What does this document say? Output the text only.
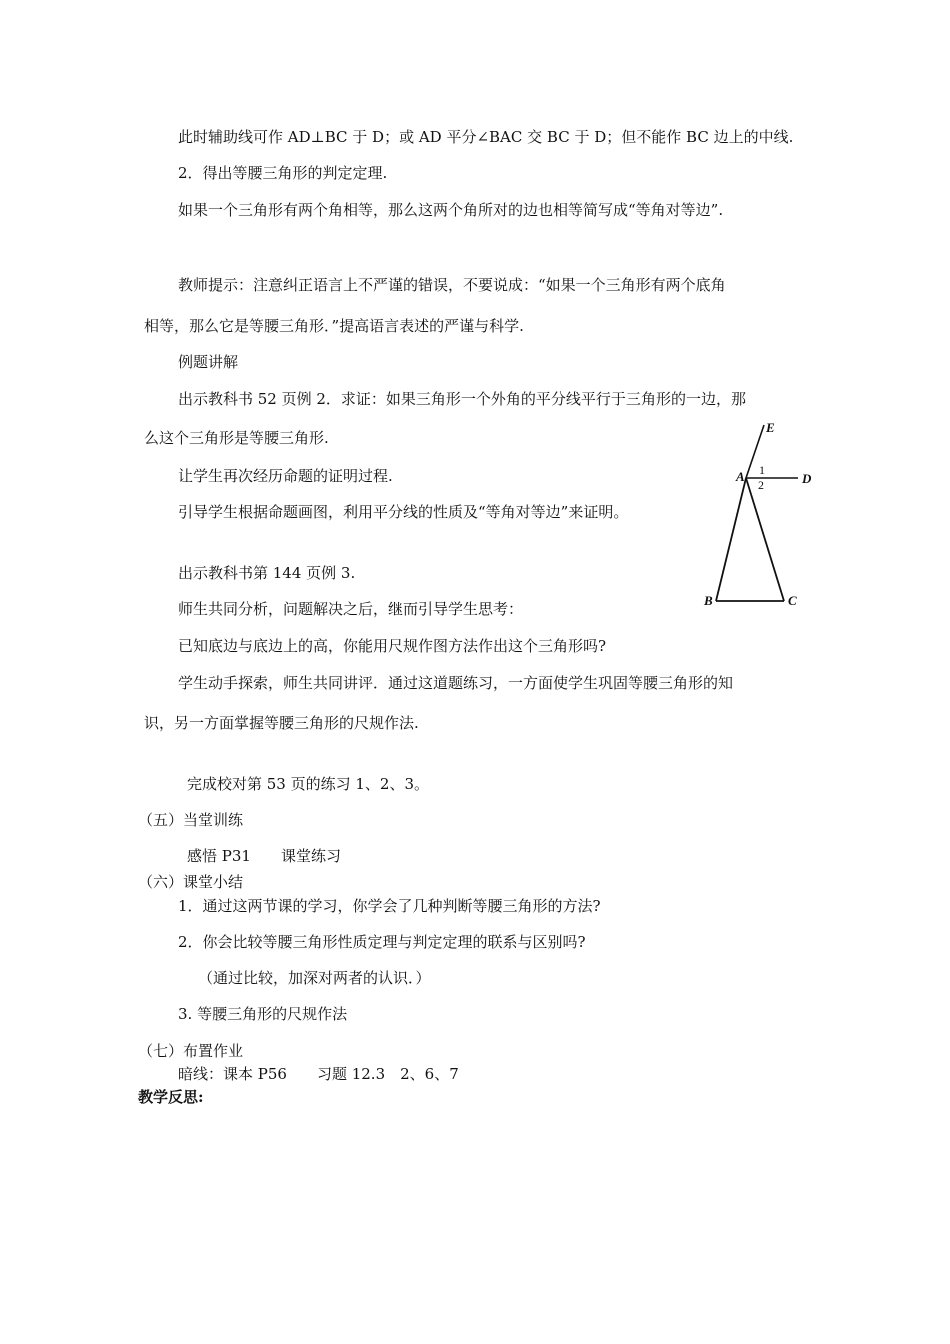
此时辅助线可作 AD⊥BC 于 D；或 AD 平分∠BAC 交 BC 于 D；但不能作 BC 边上的中线.
2．得出等腰三角形的判定定理.
如果一个三角形有两个角相等，那么这两个角所对的边也相等简写成“等角对等边”.
教师提示：注意纠正语言上不严谨的错误，不要说成：“如果一个三角形有两个底角
相等，那么它是等腰三角形．”提高语言表述的严谨与科学.
例题讲解
出示教科书 52 页例 2．求证：如果三角形一个外角的平分线平行于三角形的一边，那
么这个三角形是等腰三角形.
让学生再次经历命题的证明过程.
引导学生根据命题画图，利用平分线的性质及“等角对等边”来证明。
出示教科书第 144 页例 3.
师生共同分析，问题解决之后，继而引导学生思考：
已知底边与底边上的高，你能用尺规作图方法作出这个三角形吗?
学生动手探索，师生共同讲评．通过这道题练习，一方面使学生巩固等腰三角形的知
识，另一方面掌握等腰三角形的尺规作法.
完成校对第 53 页的练习 1、2、3。
（五）当堂训练
感悟 P31　　课堂练习
（六）课堂小结
1．通过这两节课的学习，你学会了几种判断等腰三角形的方法?
2．你会比较等腰三角形性质定理与判定定理的联系与区别吗?
（通过比较，加深对两者的认识．）
3. 等腰三角形的尺规作法
（七）布置作业
暗线：课本 P56　　习题 12.3　2、6、7
教学反思:
E
A	D
B	C
1
2
